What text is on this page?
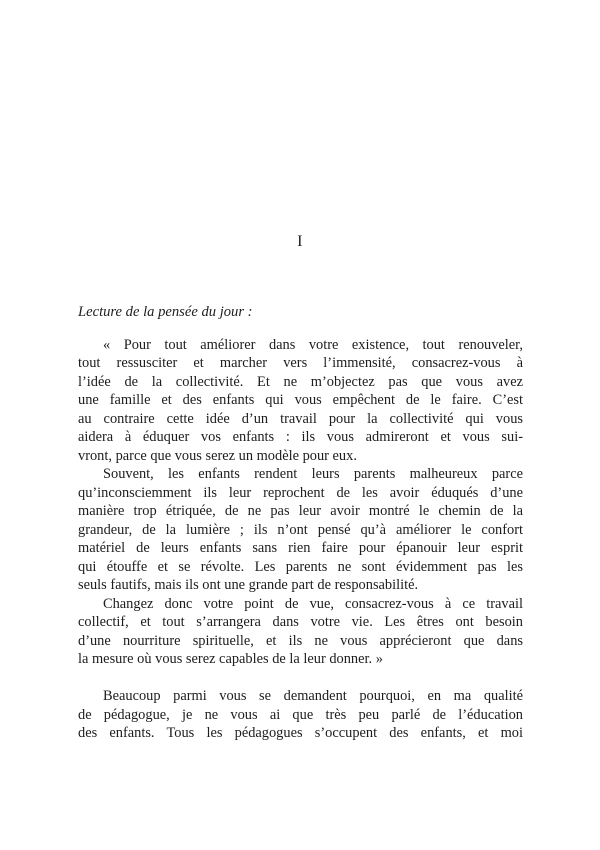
I
Lecture de la pensée du jour :
« Pour tout améliorer dans votre existence, tout renouveler,
tout ressusciter et marcher vers l’immensité, consacrez-vous à
l’idée de la collectivité. Et ne m’objectez pas que vous avez
une famille et des enfants qui vous empêchent de le faire. C’est
au contraire cette idée d’un travail pour la collectivité qui vous
aidera à éduquer vos enfants : ils vous admireront et vous sui-
vront, parce que vous serez un modèle pour eux.
Souvent, les enfants rendent leurs parents malheureux parce
qu’inconsciemment ils leur reprochent de les avoir éduqués d’une
manière trop étriquée, de ne pas leur avoir montré le chemin de la
grandeur, de la lumière ; ils n’ont pensé qu’à améliorer le confort
matériel de leurs enfants sans rien faire pour épanouir leur esprit
qui étouffe et se révolte. Les parents ne sont évidemment pas les
seuls fautifs, mais ils ont une grande part de responsabilité.
Changez donc votre point de vue, consacrez-vous à ce travail
collectif, et tout s’arrangera dans votre vie. Les êtres ont besoin
d’une nourriture spirituelle, et ils ne vous apprécieront que dans
la mesure où vous serez capables de la leur donner. »
Beaucoup parmi vous se demandent pourquoi, en ma qualité
de pédagogue, je ne vous ai que très peu parlé de l’éducation
des enfants. Tous les pédagogues s’occupent des enfants, et moi
